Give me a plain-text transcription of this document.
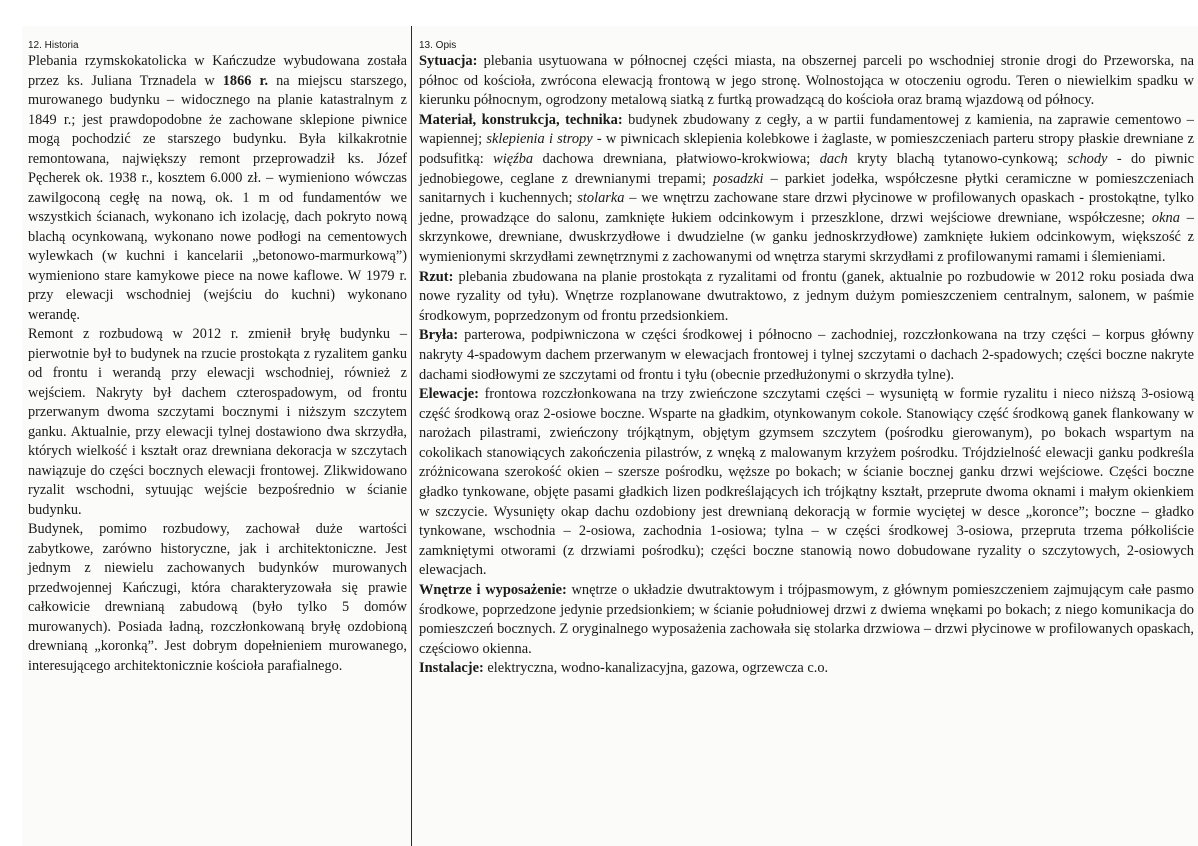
12. Historia

Plebania rzymskokatolicka w Kańczudze wybudowana została przez ks. Juliana Trznadela w 1866 r. na miejscu starszego, murowanego budynku – widocznego na planie katastralnym z 1849 r.; jest prawdopodobne że zachowane sklepione piwnice mogą pochodzić ze starszego budynku. Była kilkakrotnie remontowana, największy remont przeprowadził ks. Józef Pęcherek ok. 1938 r., kosztem 6.000 zł. – wymieniono wówczas zawilgoconą cegłę na nową, ok. 1 m od fundamentów we wszystkich ścianach, wykonano ich izolację, dach pokryto nową blachą ocynkowaną, wykonano nowe podłogi na cementowych wylewkach (w kuchni i kancelarii „betonowo-marmurkową”) wymieniono stare kamykowe piece na nowe kaflowe. W 1979 r. przy elewacji wschodniej (wejściu do kuchni) wykonano werandę.

Remont z rozbudową w 2012 r. zmienił bryłę budynku – pierwotnie był to budynek na rzucie prostokąta z ryzalitem ganku od frontu i werandą przy elewacji wschodniej, również z wejściem. Nakryty był dachem czterospadowym, od frontu przerwanym dwoma szczytami bocznymi i niższym szczytem ganku. Aktualnie, przy elewacji tylnej dostawiono dwa skrzydła, których wielkość i kształt oraz drewniana dekoracja w szczytach nawiązuje do części bocznych elewacji frontowej. Zlikwidowano ryzalit wschodni, sytuując wejście bezpośrednio w ścianie budynku.

Budynek, pomimo rozbudowy, zachował duże wartości zabytkowe, zarówno historyczne, jak i architektoniczne. Jest jednym z niewielu zachowanych budynków murowanych przedwojennej Kańczugi, która charakteryzowała się prawie całkowicie drewnianą zabudową (było tylko 5 domów murowanych). Posiada ładną, rozczłonkowaną bryłę ozdobioną drewnianą „koronką”. Jest dobrym dopełnieniem murowanego, interesującego architektonicznie kościoła parafialnego.

13. Opis

Sytuacja: plebania usytuowana w północnej części miasta, na obszernej parceli po wschodniej stronie drogi do Przeworska, na północ od kościoła, zwrócona elewacją frontową w jego stronę. Wolnostojąca w otoczeniu ogrodu. Teren o niewielkim spadku w kierunku północnym, ogrodzony metalową siatką z furtką prowadzącą do kościoła oraz bramą wjazdową od północy.

Materiał, konstrukcja, technika: budynek zbudowany z cegły, a w partii fundamentowej z kamienia, na zaprawie cementowo – wapiennej; sklepienia i stropy - w piwnicach sklepienia kolebkowe i żaglaste, w pomieszczeniach parteru stropy płaskie drewniane z podsufitką: więźba dachowa drewniana, płatwiowo-krokwiowa; dach kryty blachą tytanowo-cynkową; schody - do piwnic jednobiegowe, ceglane z drewnianymi trepami; posadzki – parkiet jodełka, współczesne płytki ceramiczne w pomieszczeniach sanitarnych i kuchennych; stolarka – we wnętrzu zachowane stare drzwi płycinowe w profilowanych opaskach - prostokątne, tylko jedne, prowadzące do salonu, zamknięte łukiem odcinkowym i przeszklone, drzwi wejściowe drewniane, współczesne; okna – skrzynkowe, drewniane, dwuskrzydłowe i dwudzielne (w ganku jednoskrzydłowe) zamknięte łukiem odcinkowym, większość z wymienionymi skrzydłami zewnętrznymi z zachowanymi od wnętrza starymi skrzydłami z profilowanymi ramami i ślemieniami.

Rzut: plebania zbudowana na planie prostokąta z ryzalitami od frontu (ganek, aktualnie po rozbudowie w 2012 roku posiada dwa nowe ryzality od tyłu). Wnętrze rozplanowane dwutraktowo, z jednym dużym pomieszczeniem centralnym, salonem, w paśmie środkowym, poprzedzonym od frontu przedsionkiem.

Bryła: parterowa, podpiwniczona w części środkowej i północno – zachodniej, rozczłonkowana na trzy części – korpus główny nakryty 4-spadowym dachem przerwanym w elewacjach frontowej i tylnej szczytami o dachach 2-spadowych; części boczne nakryte dachami siodłowymi ze szczytami od frontu i tyłu (obecnie przedłużonymi o skrzydła tylne).

Elewacje: frontowa rozczłonkowana na trzy zwieńczone szczytami części – wysuniętą w formie ryzalitu i nieco niższą 3-osiową część środkową oraz 2-osiowe boczne. Wsparte na gładkim, otynkowanym cokole. Stanowiący część środkową ganek flankowany w narożach pilastrami, zwieńczony trójkątnym, objętym gzymsem szczytem (pośrodku gierowanym), po bokach wspartym na cokolikach stanowiących zakończenia pilastrów, z wnęką z malowanym krzyżem pośrodku. Trójdzielność elewacji ganku podkreśla zróżnicowana szerokość okien – szersze pośrodku, węższe po bokach; w ścianie bocznej ganku drzwi wejściowe. Części boczne gładko tynkowane, objęte pasami gładkich lizen podkreślających ich trójkątny kształt, przeprute dwoma oknami i małym okienkiem w szczycie. Wysunięty okap dachu ozdobiony jest drewnianą dekoracją w formie wyciętej w desce „koronce”; boczne – gładko tynkowane, wschodnia – 2-osiowa, zachodnia 1-osiowa; tylna – w części środkowej 3-osiowa, przeprutа trzema półkoliście zamkniętymi otworami (z drzwiami pośrodku); części boczne stanowią nowo dobudowane ryzality o szczytowych, 2-osiowych elewacjach.

Wnętrze i wyposażenie: wnętrze o układzie dwutraktowym i trójpasmowym, z głównym pomieszczeniem zajmującym całe pasmo środkowe, poprzedzone jedynie przedsionkiem; w ścianie południowej drzwi z dwiema wnękami po bokach; z niego komunikacja do pomieszczeń bocznych. Z oryginalnego wyposażenia zachowała się stolarka drzwiowa – drzwi płycinowe w profilowanych opaskach, częściowo okienna.

Instalacje: elektryczna, wodno-kanalizacyjna, gazowa, ogrzewcza c.o.
